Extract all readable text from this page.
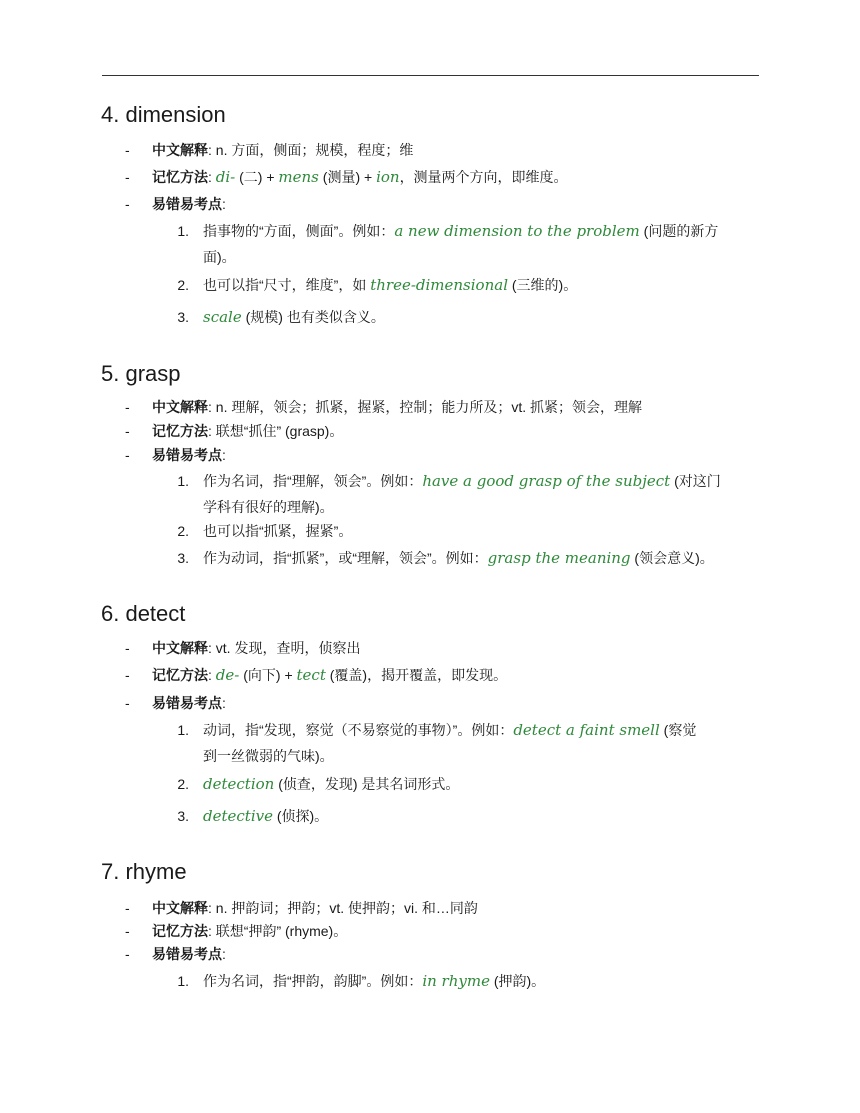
4. dimension
- 中文解释: n. 方面，侧面；规模，程度；维
- 记忆方法: di- (二) + mens (测量) + ion，测量两个方向，即维度。
- 易错易考点:
1. 指事物的“方面，侧面”。例如：a new dimension to the problem (问题的新方
面)。
2. 也可以指“尺寸，维度”，如 three-dimensional (三维的)。
3. scale (规模) 也有类似含义。
5. grasp
- 中文解释: n. 理解，领会；抓紧，握紧，控制；能力所及；vt. 抓紧；领会，理解
- 记忆方法: 联想“抓住” (grasp)。
- 易错易考点:
1. 作为名词，指“理解，领会”。例如：have a good grasp of the subject (对这门
学科有很好的理解)。
2. 也可以指“抓紧，握紧”。
3. 作为动词，指“抓紧”，或“理解，领会”。例如：grasp the meaning (领会意义)。
6. detect
- 中文解释: vt. 发现，查明，侦察出
- 记忆方法: de- (向下) + tect (覆盖)，揭开覆盖，即发现。
- 易错易考点:
1. 动词，指“发现，察觉（不易察觉的事物）”。例如：detect a faint smell (察觉
到一丝微弱的气味)。
2. detection (侦查，发现) 是其名词形式。
3. detective (侦探)。
7. rhyme
- 中文解释: n. 押韵词；押韵；vt. 使押韵；vi. 和…同韵
- 记忆方法: 联想“押韵” (rhyme)。
- 易错易考点:
1. 作为名词，指“押韵，韵脚”。例如：in rhyme (押韵)。
